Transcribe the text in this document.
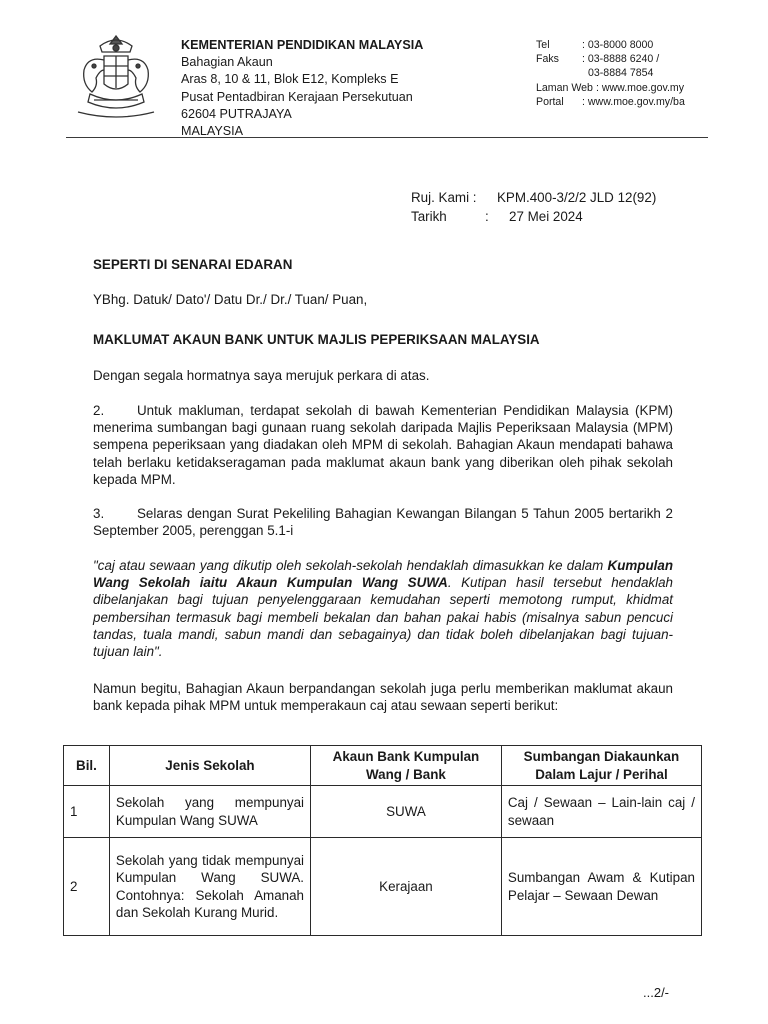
KEMENTERIAN PENDIDIKAN MALAYSIA
Bahagian Akaun
Aras 8, 10 & 11, Blok E12, Kompleks E
Pusat Pentadbiran Kerajaan Persekutuan
62604 PUTRAJAYA
MALAYSIA
Tel	: 03-8000 8000
Faks	: 03-8888 6240 /
03-8884 7854
Laman Web : www.moe.gov.my
Portal	: www.moe.gov.my/ba
Ruj. Kami :	KPM.400-3/2/2 JLD 12(92)
Tarikh	:	27 Mei 2024
SEPERTI DI SENARAI EDARAN
YBhg. Datuk/ Dato'/ Datu Dr./ Dr./ Tuan/ Puan,
MAKLUMAT AKAUN BANK UNTUK MAJLIS PEPERIKSAAN MALAYSIA
Dengan segala hormatnya saya merujuk perkara di atas.
2. Untuk makluman, terdapat sekolah di bawah Kementerian Pendidikan Malaysia (KPM) menerima sumbangan bagi gunaan ruang sekolah daripada Majlis Peperiksaan Malaysia (MPM) sempena peperiksaan yang diadakan oleh MPM di sekolah. Bahagian Akaun mendapati bahawa telah berlaku ketidakseragaman pada maklumat akaun bank yang diberikan oleh pihak sekolah kepada MPM.
3. Selaras dengan Surat Pekeliling Bahagian Kewangan Bilangan 5 Tahun 2005 bertarikh 2 September 2005, perenggan 5.1-i
"caj atau sewaan yang dikutip oleh sekolah-sekolah hendaklah dimasukkan ke dalam Kumpulan Wang Sekolah iaitu Akaun Kumpulan Wang SUWA. Kutipan hasil tersebut hendaklah dibelanjakan bagi tujuan penyelenggaraan kemudahan seperti memotong rumput, khidmat pembersihan termasuk bagi membeli bekalan dan bahan pakai habis (misalnya sabun pencuci tandas, tuala mandi, sabun mandi dan sebagainya) dan tidak boleh dibelanjakan bagi tujuan-tujuan lain".
Namun begitu, Bahagian Akaun berpandangan sekolah juga perlu memberikan maklumat akaun bank kepada pihak MPM untuk memperakaun caj atau sewaan seperti berikut:
Bil.	Jenis Sekolah	Akaun Bank Kumpulan Wang / Bank	Sumbangan Diakaunkan Dalam Lajur / Perihal
1	Sekolah yang mempunyai Kumpulan Wang SUWA	SUWA	Caj / Sewaan – Lain-lain caj / sewaan
2	Sekolah yang tidak mempunyai Kumpulan Wang SUWA. Contohnya: Sekolah Amanah dan Sekolah Kurang Murid.	Kerajaan	Sumbangan Awam & Kutipan Pelajar – Sewaan Dewan
...2/-
